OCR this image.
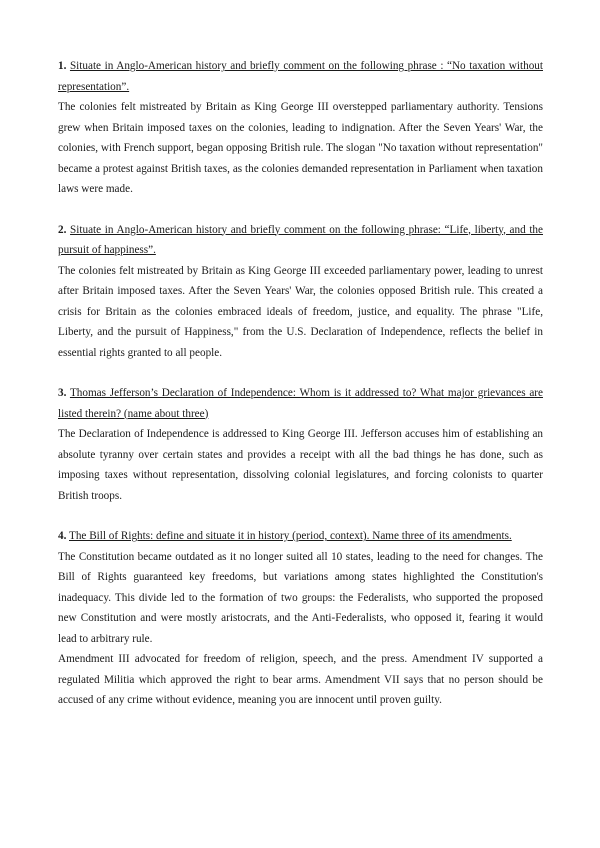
1. Situate in Anglo-American history and briefly comment on the following phrase : “No taxation without representation”.

The colonies felt mistreated by Britain as King George III overstepped parliamentary authority. Tensions grew when Britain imposed taxes on the colonies, leading to indignation. After the Seven Years' War, the colonies, with French support, began opposing British rule. The slogan "No taxation without representation" became a protest against British taxes, as the colonies demanded representation in Parliament when taxation laws were made.

2. Situate in Anglo-American history and briefly comment on the following phrase: “Life, liberty, and the pursuit of happiness”.

The colonies felt mistreated by Britain as King George III exceeded parliamentary power, leading to unrest after Britain imposed taxes. After the Seven Years' War, the colonies opposed British rule. This created a crisis for Britain as the colonies embraced ideals of freedom, justice, and equality. The phrase "Life, Liberty, and the pursuit of Happiness," from the U.S. Declaration of Independence, reflects the belief in essential rights granted to all people.

3. Thomas Jefferson’s Declaration of Independence: Whom is it addressed to? What major grievances are listed therein? (name about three)

The Declaration of Independence is addressed to King George III. Jefferson accuses him of establishing an absolute tyranny over certain states and provides a receipt with all the bad things he has done, such as imposing taxes without representation, dissolving colonial legislatures, and forcing colonists to quarter British troops.

4. The Bill of Rights: define and situate it in history (period, context). Name three of its amendments.

The Constitution became outdated as it no longer suited all 10 states, leading to the need for changes. The Bill of Rights guaranteed key freedoms, but variations among states highlighted the Constitution's inadequacy. This divide led to the formation of two groups: the Federalists, who supported the proposed new Constitution and were mostly aristocrats, and the Anti-Federalists, who opposed it, fearing it would lead to arbitrary rule.

Amendment III advocated for freedom of religion, speech, and the press. Amendment IV supported a regulated Militia which approved the right to bear arms. Amendment VII says that no person should be accused of any crime without evidence, meaning you are innocent until proven guilty.
